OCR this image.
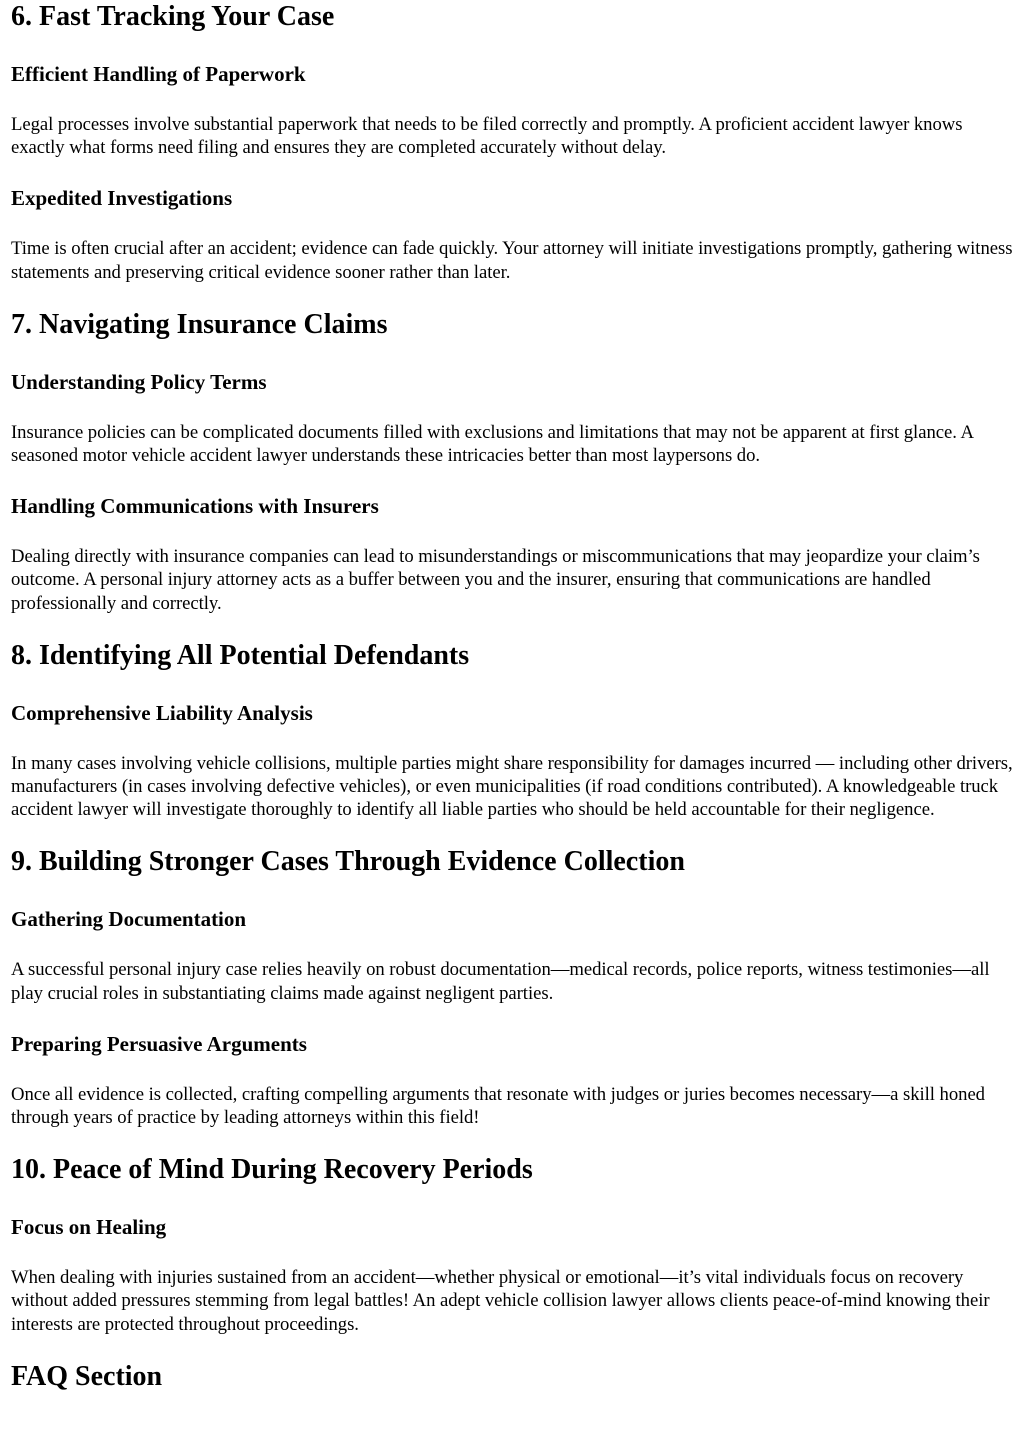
6. Fast Tracking Your Case
Efficient Handling of Paperwork

Legal processes involve substantial paperwork that needs to be filed correctly and promptly. A proficient accident lawyer knows exactly what forms need filing and ensures they are completed accurately without delay.

Expedited Investigations

Time is often crucial after an accident; evidence can fade quickly. Your attorney will initiate investigations promptly, gathering witness statements and preserving critical evidence sooner rather than later.

7. Navigating Insurance Claims
Understanding Policy Terms

Insurance policies can be complicated documents filled with exclusions and limitations that may not be apparent at first glance. A seasoned motor vehicle accident lawyer understands these intricacies better than most laypersons do.

Handling Communications with Insurers

Dealing directly with insurance companies can lead to misunderstandings or miscommunications that may jeopardize your claim’s outcome. A personal injury attorney acts as a buffer between you and the insurer, ensuring that communications are handled professionally and correctly.

8. Identifying All Potential Defendants
Comprehensive Liability Analysis

In many cases involving vehicle collisions, multiple parties might share responsibility for damages incurred — including other drivers, manufacturers (in cases involving defective vehicles), or even municipalities (if road conditions contributed). A knowledgeable truck accident lawyer will investigate thoroughly to identify all liable parties who should be held accountable for their negligence.

9. Building Stronger Cases Through Evidence Collection
Gathering Documentation

A successful personal injury case relies heavily on robust documentation—medical records, police reports, witness testimonies—all play crucial roles in substantiating claims made against negligent parties.

Preparing Persuasive Arguments

Once all evidence is collected, crafting compelling arguments that resonate with judges or juries becomes necessary—a skill honed through years of practice by leading attorneys within this field!

10. Peace of Mind During Recovery Periods
Focus on Healing

When dealing with injuries sustained from an accident—whether physical or emotional—it’s vital individuals focus on recovery without added pressures stemming from legal battles! An adept vehicle collision lawyer allows clients peace-of-mind knowing their interests are protected throughout proceedings.

FAQ Section
